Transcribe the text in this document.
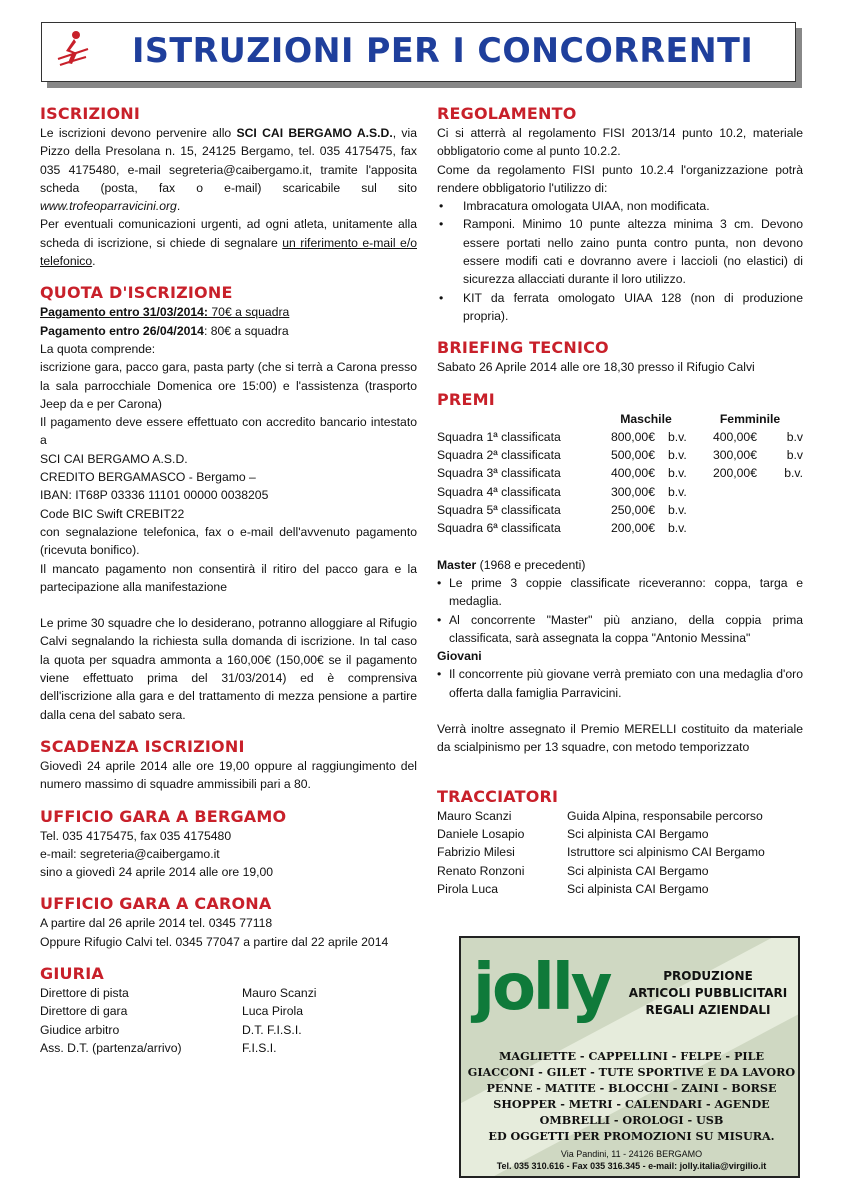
ISTRUZIONI PER I CONCORRENTI
ISCRIZIONI

Le iscrizioni devono pervenire allo SCI CAI BERGAMO A.S.D., via Pizzo della Presolana n. 15, 24125 Bergamo, tel. 035 4175475, fax 035 4175480, e-mail segreteria@caibergamo.it, tramite l'apposita scheda (posta, fax o e-mail) scaricabile sul sito www.trofeoparravicini.org.

Per eventuali comunicazioni urgenti, ad ogni atleta, unitamente alla scheda di iscrizione, si chiede di segnalare un riferimento e-mail e/o telefonico.

QUOTA D'ISCRIZIONE
Pagamento entro 31/03/2014: 70€ a squadra
Pagamento entro 26/04/2014: 80€ a squadra

La quota comprende:

iscrizione gara, pacco gara, pasta party (che si terrà a Carona presso la sala parrocchiale Domenica ore 15:00) e l'assistenza (trasporto Jeep da e per Carona)

Il pagamento deve essere effettuato con accredito bancario intestato a

SCI CAI BERGAMO A.S.D.

CREDITO BERGAMASCO - Bergamo –

IBAN: IT68P 03336 11101 00000 0038205

Code BIC Swift CREBIT22

con segnalazione telefonica, fax o e-mail dell'avvenuto pagamento (ricevuta bonifico).

Il mancato pagamento non consentirà il ritiro del pacco gara e la partecipazione alla manifestazione

Le prime 30 squadre che lo desiderano, potranno alloggiare al Rifugio Calvi segnalando la richiesta sulla domanda di iscrizione. In tal caso la quota per squadra ammonta a 160,00€ (150,00€ se il pagamento viene effettuato prima del 31/03/2014) ed è comprensiva dell'iscrizione alla gara e del trattamento di mezza pensione a partire dalla cena del sabato sera.

SCADENZA ISCRIZIONI

Giovedì 24 aprile 2014 alle ore 19,00 oppure al raggiungimento del numero massimo di squadre ammissibili pari a 80.

UFFICIO GARA A BERGAMO

Tel. 035 4175475, fax 035 4175480

e-mail: segreteria@caibergamo.it

sino a giovedì 24 aprile 2014 alle ore 19,00

UFFICIO GARA A CARONA

A partire dal 26 aprile 2014 tel. 0345 77118

Oppure Rifugio Calvi tel. 0345 77047 a partire dal 22 aprile 2014

GIURIA
Direttore di pista	Mauro Scanzi
Direttore di gara	Luca Pirola
Giudice arbitro	D.T. F.I.S.I.
Ass. D.T. (partenza/arrivo)	F.I.S.I.
REGOLAMENTO

Ci si atterrà al regolamento FISI 2013/14 punto 10.2, materiale obbligatorio come al punto 10.2.2.

Come da regolamento FISI punto 10.2.4 l'organizzazione potrà rendere obbligatorio l'utilizzo di:

• Imbracatura omologata UIAA, non modificata.
• Ramponi. Minimo 10 punte altezza minima 3 cm. Devono essere portati nello zaino punta contro punta, non devono essere modifi cati e dovranno avere i laccioli (no elastici) di sicurezza allacciati durante il loro utilizzo.
• KIT da ferrata omologato UIAA 128 (non di produzione propria).
BRIEFING TECNICO

Sabato 26 Aprile 2014 alle ore 18,30 presso il Rifugio Calvi

PREMI
	Maschile		Femminile	
Squadra 1ª classificata	800,00€	b.v.	400,00€	b.v
Squadra 2ª classificata	500,00€	b.v.	300,00€	b.v
Squadra 3ª classificata	400,00€	b.v.	200,00€	b.v.
Squadra 4ª classificata	300,00€	b.v.		
Squadra 5ª classificata	250,00€	b.v.		
Squadra 6ª classificata	200,00€	b.v.		

Master (1968 e precedenti)

• Le prime 3 coppie classificate riceveranno: coppa, targa e medaglia.
• Al concorrente "Master" più anziano, della coppia prima classificata, sarà assegnata la coppa "Antonio Messina"

Giovani

• Il concorrente più giovane verrà premiato con una medaglia d'oro offerta dalla famiglia Parravicini.

Verrà inoltre assegnato il Premio MERELLI costituito da materiale da scialpinismo per 13 squadre, con metodo temporizzato

TRACCIATORI
Mauro Scanzi	Guida Alpina, responsabile percorso
Daniele Losapio	Sci alpinista CAI Bergamo
Fabrizio Milesi	Istruttore sci alpinismo CAI Bergamo
Renato Ronzoni	Sci alpinista CAI Bergamo
Pirola Luca	Sci alpinista CAI Bergamo
jolly	PRODUZIONE
ARTICOLI PUBBLICITARI
REGALI AZIENDALI
MAGLIETTE - CAPPELLINI - FELPE - PILE
GIACCONI - GILET - TUTE SPORTIVE E DA LAVORO
PENNE - MATITE - BLOCCHI - ZAINI - BORSE
SHOPPER - METRI - CALENDARI - AGENDE
OMBRELLI - OROLOGI - USB
ED OGGETTI PER PROMOZIONI SU MISURA.
Via Pandini, 11 - 24126 BERGAMO
Tel. 035 310.616 - Fax 035 316.345 - e-mail: jolly.italia@virgilio.it
